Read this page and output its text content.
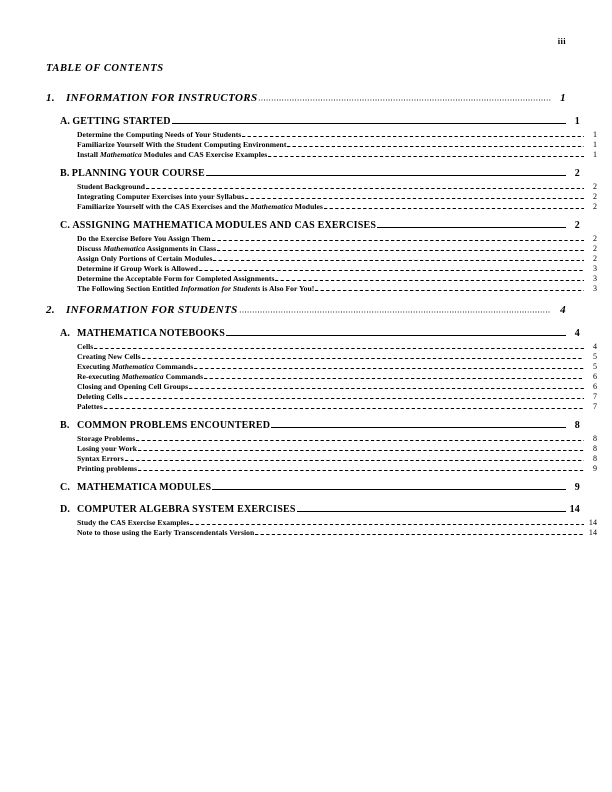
iii
TABLE OF CONTENTS
1.	INFORMATION FOR INSTRUCTORS	1
A.  GETTING STARTED	1
Determine the Computing Needs of Your Students	1
Familiarize Yourself With the Student Computing Environment	1
Install Mathematica Modules and CAS Exercise Examples	1
B.  PLANNING YOUR COURSE	2
Student Background	2
Integrating Computer Exercises into your Syllabus	2
Familiarize Yourself with the CAS Exercises and the Mathematica Modules	2
C.  ASSIGNING MATHEMATICA MODULES AND CAS EXERCISES	2
Do the Exercise Before You Assign Them	2
Discuss Mathematica Assignments in Class	2
Assign Only Portions of Certain Modules	2
Determine if Group Work is Allowed	3
Determine the Acceptable Form for Completed Assignments	3
The Following Section Entitled Information for Students is Also For You!	3
2.	INFORMATION FOR STUDENTS	4
A.  MATHEMATICA NOTEBOOKS	4
Cells	4
Creating New Cells	5
Executing Mathematica Commands	5
Re-executing Mathematica Commands	6
Closing and Opening Cell Groups	6
Deleting Cells	7
Palettes	7
B.  COMMON PROBLEMS ENCOUNTERED	8
Storage Problems	8
Losing your Work	8
Syntax Errors	8
Printing problems	9
C.  MATHEMATICA MODULES	9
D.  COMPUTER ALGEBRA SYSTEM EXERCISES	14
Study the CAS Exercise Examples	14
Note to those using the Early Transcendentals Version	14
